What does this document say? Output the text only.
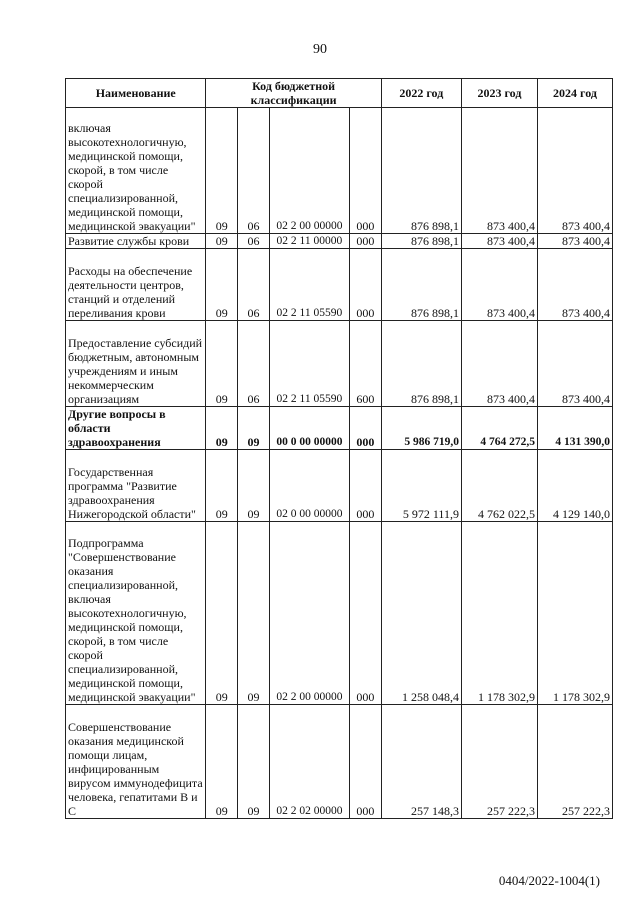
90
Наименование	Код бюджетной классификации				2022 год	2023 год	2024 год
включая высокотехнологичную, медицинской помощи, скорой, в том числе скорой специализированной, медицинской помощи, медицинской эвакуации"	09	06	02 2 00 00000	000	876 898,1	873 400,4	873 400,4
Развитие службы крови	09	06	02 2 11 00000	000	876 898,1	873 400,4	873 400,4
Расходы на обеспечение деятельности центров, станций и отделений переливания крови	09	06	02 2 11 05590	000	876 898,1	873 400,4	873 400,4
Предоставление субсидий бюджетным, автономным учреждениям и иным некоммерческим организациям	09	06	02 2 11 05590	600	876 898,1	873 400,4	873 400,4
Другие вопросы в области здравоохранения	09	09	00 0 00 00000	000	5 986 719,0	4 764 272,5	4 131 390,0
Государственная программа "Развитие здравоохранения Нижегородской области"	09	09	02 0 00 00000	000	5 972 111,9	4 762 022,5	4 129 140,0
Подпрограмма "Совершенствование оказания специализированной, включая высокотехнологичную, медицинской помощи, скорой, в том числе скорой специализированной, медицинской помощи, медицинской эвакуации"	09	09	02 2 00 00000	000	1 258 048,4	1 178 302,9	1 178 302,9
Совершенствование оказания медицинской помощи лицам, инфицированным вирусом иммунодефицита человека, гепатитами B и C	09	09	02 2 02 00000	000	257 148,3	257 222,3	257 222,3
0404/2022-1004(1)
